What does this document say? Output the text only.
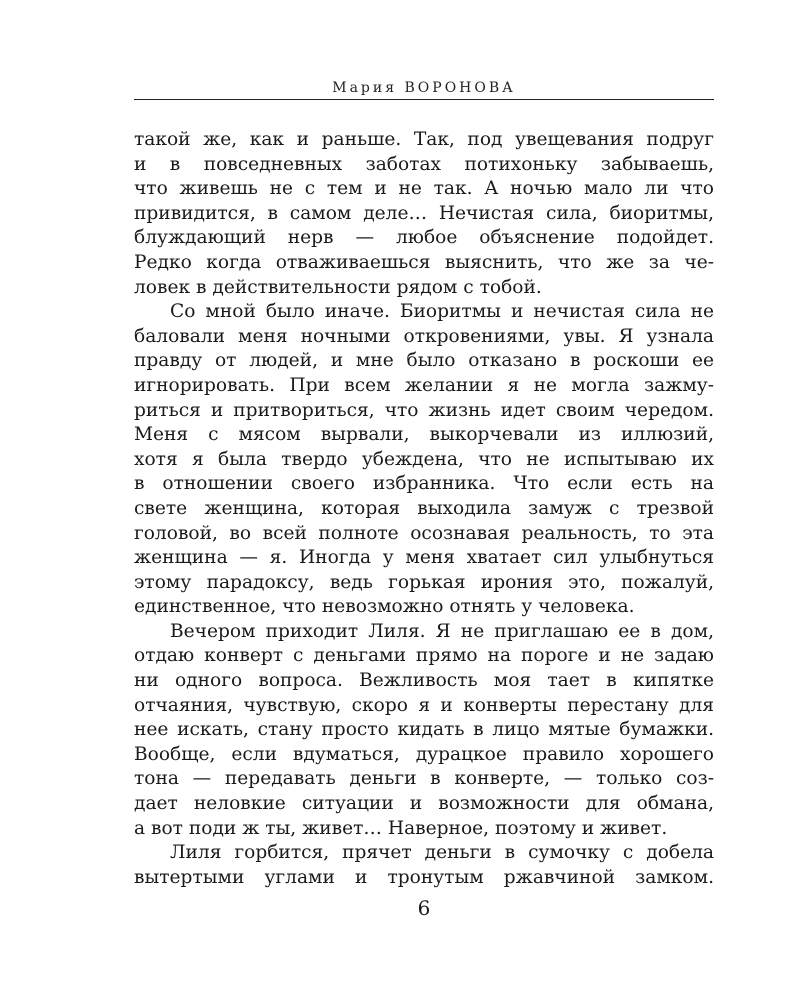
Мария ВОРОНОВА
такой же, как и раньше. Так, под увещевания подруг
и в повседневных заботах потихоньку забываешь,
что живешь не с тем и не так. А ночью мало ли что
привидится, в самом деле… Нечистая сила, биоритмы,
блуждающий нерв — любое объяснение подойдет.
Редко когда отваживаешься выяснить, что же за че-
ловек в действительности рядом с тобой.
Со мной было иначе. Биоритмы и нечистая сила не
баловали меня ночными откровениями, увы. Я узнала
правду от людей, и мне было отказано в роскоши ее
игнорировать. При всем желании я не могла зажму-
риться и притвориться, что жизнь идет своим чередом.
Меня с мясом вырвали, выкорчевали из иллюзий,
хотя я была твердо убеждена, что не испытываю их
в отношении своего избранника. Что если есть на
свете женщина, которая выходила замуж с трезвой
головой, во всей полноте осознавая реальность, то эта
женщина — я. Иногда у меня хватает сил улыбнуться
этому парадоксу, ведь горькая ирония это, пожалуй,
единственное, что невозможно отнять у человека.
Вечером приходит Лиля. Я не приглашаю ее в дом,
отдаю конверт с деньгами прямо на пороге и не задаю
ни одного вопроса. Вежливость моя тает в кипятке
отчаяния, чувствую, скоро я и конверты перестану для
нее искать, стану просто кидать в лицо мятые бумажки.
Вообще, если вдуматься, дурацкое правило хорошего
тона — передавать деньги в конверте, — только соз-
дает неловкие ситуации и возможности для обмана,
а вот поди ж ты, живет… Наверное, поэтому и живет.
Лиля горбится, прячет деньги в сумочку с добела
вытертыми углами и тронутым ржавчиной замком.
6
